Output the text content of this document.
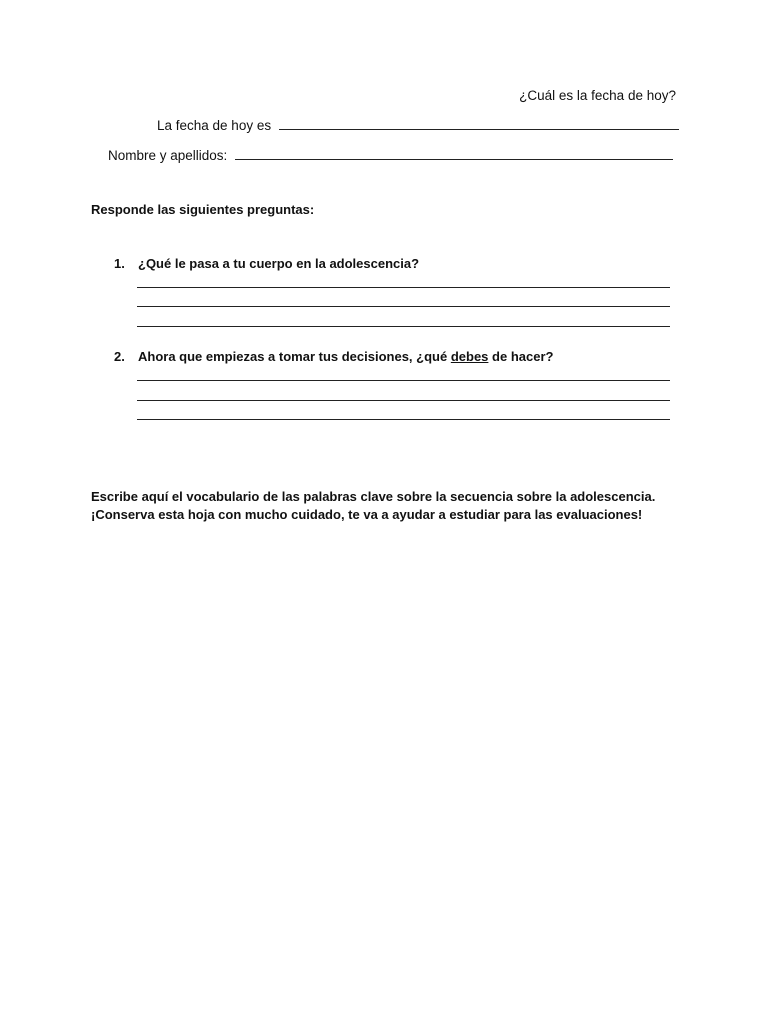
¿Cuál es la fecha de hoy?
La fecha de hoy es
Nombre y apellidos:
Responde las siguientes preguntas:
1. ¿Qué le pasa a tu cuerpo en la adolescencia?
2. Ahora que empiezas a tomar tus decisiones, ¿qué debes de hacer?
Escribe aquí el vocabulario de las palabras clave sobre la secuencia sobre la adolescencia.
¡Conserva esta hoja con mucho cuidado, te va a ayudar a estudiar para las evaluaciones!
